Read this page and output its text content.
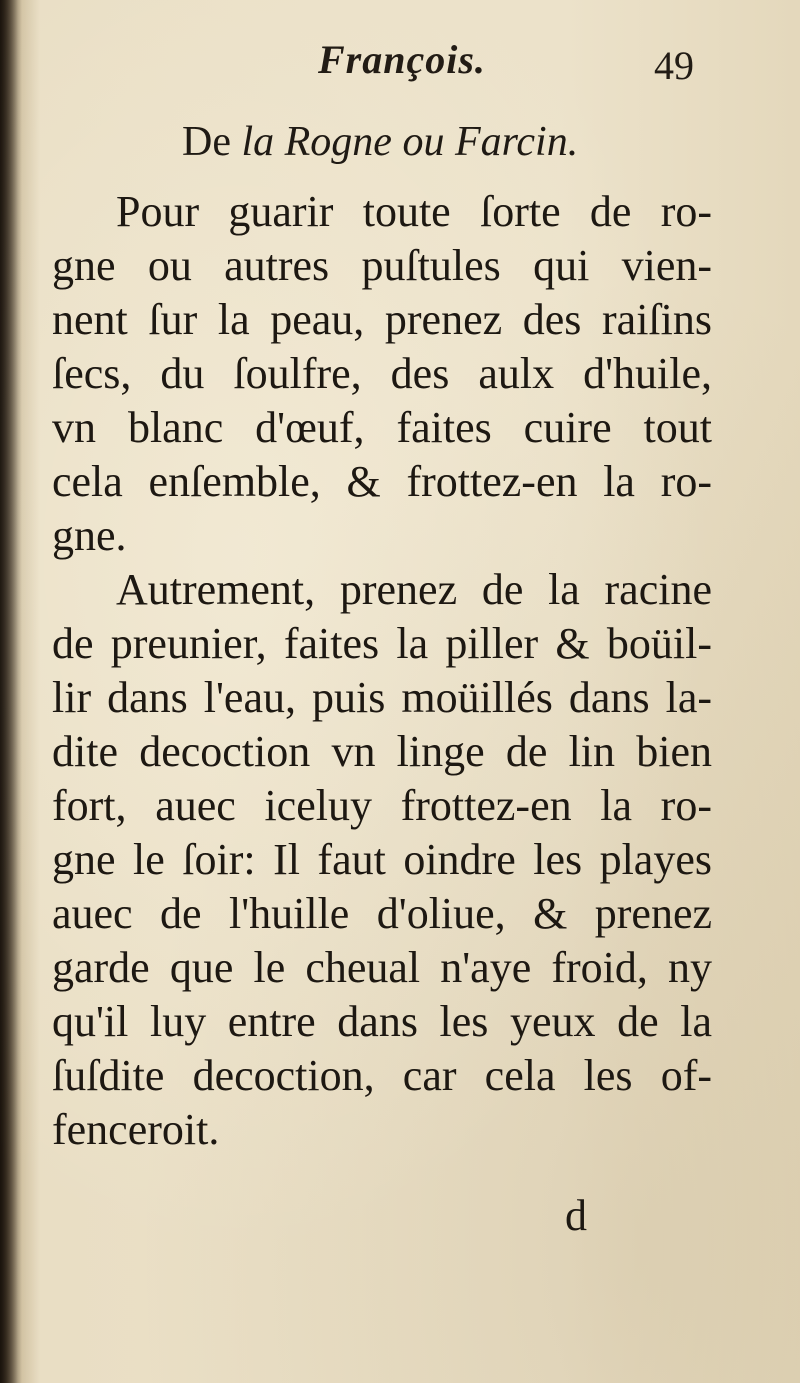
François.	49
De la Rogne ou Farcin.
Pour guarir toute ſorte de ro-
gne ou autres puſtules qui vien-
nent ſur la peau, prenez des raiſins
ſecs, du ſoulfre, des aulx d'huile,
vn blanc d'œuf, faites cuire tout
cela enſemble, & frottez-en la ro-
gne.
Autrement, prenez de la racine
de preunier, faites la piller & boüil-
lir dans l'eau, puis moüillés dans la-
dite decoction vn linge de lin bien
fort, auec iceluy frottez-en la ro-
gne le ſoir: Il faut oindre les playes
auec de l'huille d'oliue, & prenez
garde que le cheual n'aye froid, ny
qu'il luy entre dans les yeux de la
ſuſdite decoction, car cela les of-
fenceroit.
d
